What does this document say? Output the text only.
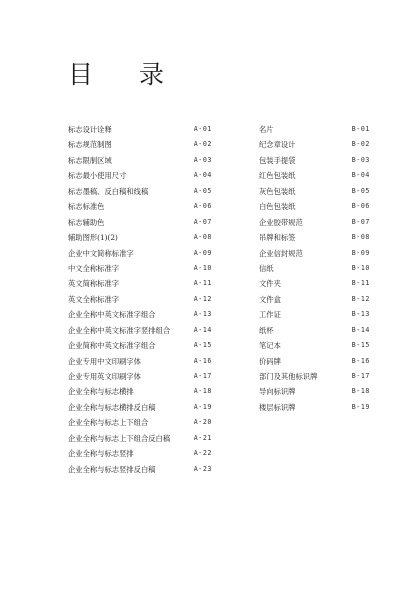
目 录
标志设计诠释	A-01
标志规范制图	A-02
标志限制区域	A-03
标志最小使用尺寸	A-04
标志墨稿、反白稿和线稿	A-05
标志标准色	A-06
标志辅助色	A-07
辅助图形(1)(2)	A-08
企业中文简称标准字	A-09
中文全称标准字	A-10
英文简称标准字	A-11
英文全称标准字	A-12
企业全称中英文标准字组合	A-13
企业全称中英文标准字竖排组合	A-14
企业简称中英文标准字组合	A-15
企业专用中文印刷字体	A-16
企业专用英文印刷字体	A-17
企业全称与标志横排	A-18
企业全称与标志横排反白稿	A-19
企业全称与标志上下组合	A-20
企业全称与标志上下组合反白稿	A-21
企业全称与标志竖排	A-22
企业全称与标志竖排反白稿	A-23
名片	B-01
纪念章设计	B-02
包装手提袋	B-03
红色包装纸	B-04
灰色包装纸	B-05
白色包装纸	B-06
企业胶带规范	B-07
吊牌和标签	B-08
企业信封规范	B-09
信纸	B-10
文件夹	B-11
文件盒	B-12
工作证	B-13
纸杯	B-14
笔记本	B-15
价码牌	B-16
部门及其他标识牌	B-17
导向标识牌	B-18
楼层标识牌	B-19
